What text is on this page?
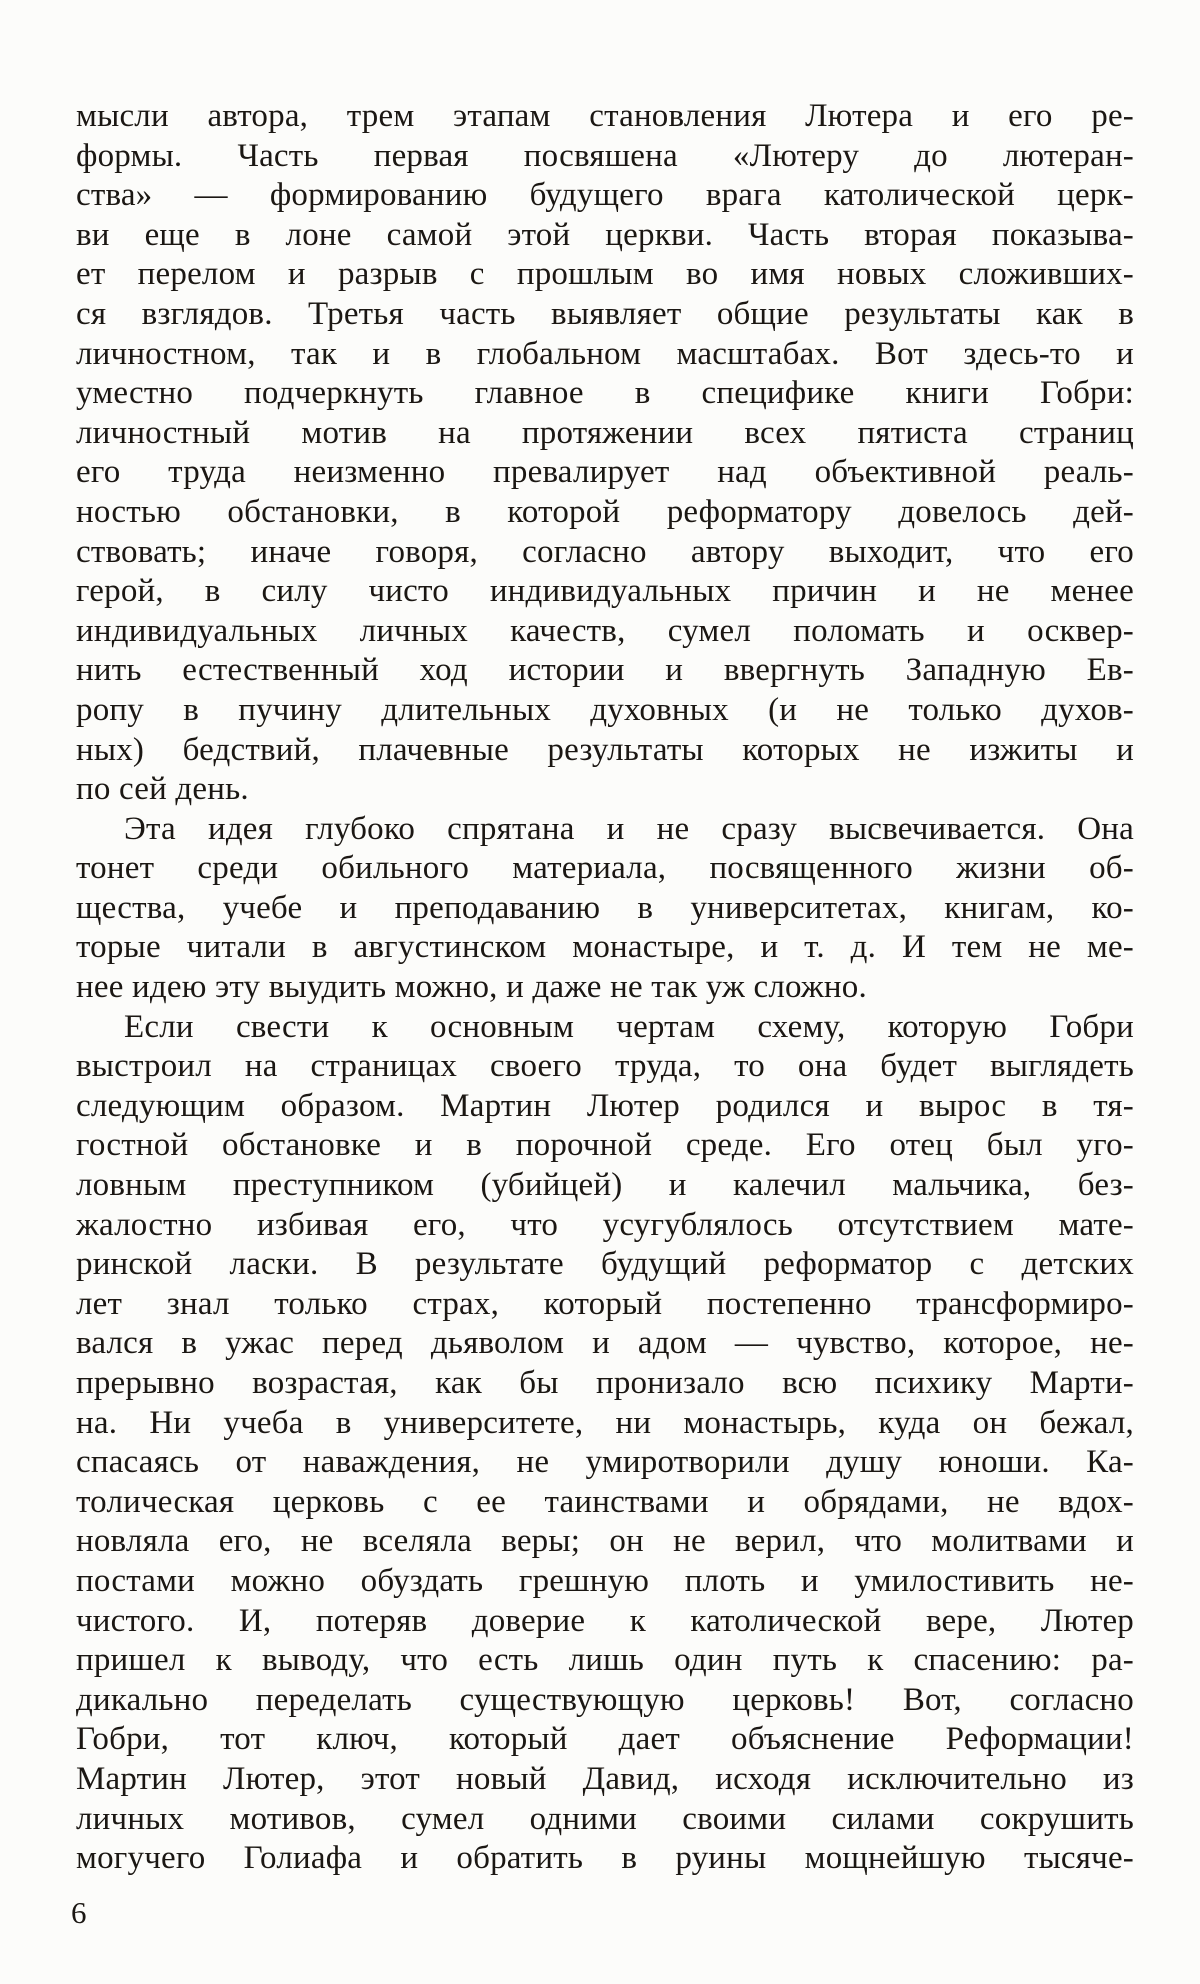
мысли автора, трем этапам становления Лютера и его ре-
формы. Часть первая посвяшена «Лютеру до лютеран-
ства» — формированию будущего врага католической церк-
ви еще в лоне самой этой церкви. Часть вторая показыва-
ет перелом и разрыв с прошлым во имя новых сложивших-
ся взглядов. Третья часть выявляет общие результаты как в
личностном, так и в глобальном масштабах. Вот здесь-то и
уместно подчеркнуть главное в специфике книги Гобри:
личностный мотив на протяжении всех пятиста страниц
его труда неизменно превалирует над объективной реаль-
ностью обстановки, в которой реформатору довелось дей-
ствовать; иначе говоря, согласно автору выходит, что его
герой, в силу чисто индивидуальных причин и не менее
индивидуальных личных качеств, сумел поломать и осквер-
нить естественный ход истории и ввергнуть Западную Ев-
ропу в пучину длительных духовных (и не только духов-
ных) бедствий, плачевные результаты которых не изжиты и
по сей день.
Эта идея глубоко спрятана и не сразу высвечивается. Она
тонет среди обильного материала, посвященного жизни об-
щества, учебе и преподаванию в университетах, книгам, ко-
торые читали в августинском монастыре, и т. д. И тем не ме-
нее идею эту выудить можно, и даже не так уж сложно.
Если свести к основным чертам схему, которую Гобри
выстроил на страницах своего труда, то она будет выглядеть
следующим образом. Мартин Лютер родился и вырос в тя-
гостной обстановке и в порочной среде. Его отец был уго-
ловным преступником (убийцей) и калечил мальчика, без-
жалостно избивая его, что усугублялось отсутствием мате-
ринской ласки. В результате будущий реформатор с детских
лет знал только страх, который постепенно трансформиро-
вался в ужас перед дьяволом и адом — чувство, которое, не-
прерывно возрастая, как бы пронизало всю психику Марти-
на. Ни учеба в университете, ни монастырь, куда он бежал,
спасаясь от наваждения, не умиротворили душу юноши. Ка-
толическая церковь с ее таинствами и обрядами, не вдох-
новляла его, не вселяла веры; он не верил, что молитвами и
постами можно обуздать грешную плоть и умилостивить не-
чистого. И, потеряв доверие к католической вере, Лютер
пришел к выводу, что есть лишь один путь к спасению: ра-
дикально переделать существующую церковь! Вот, согласно
Гобри, тот ключ, который дает объяснение Реформации!
Мартин Лютер, этот новый Давид, исходя исключительно из
личных мотивов, сумел одними своими силами сокрушить
могучего Голиафа и обратить в руины мощнейшую тысяче-
6
